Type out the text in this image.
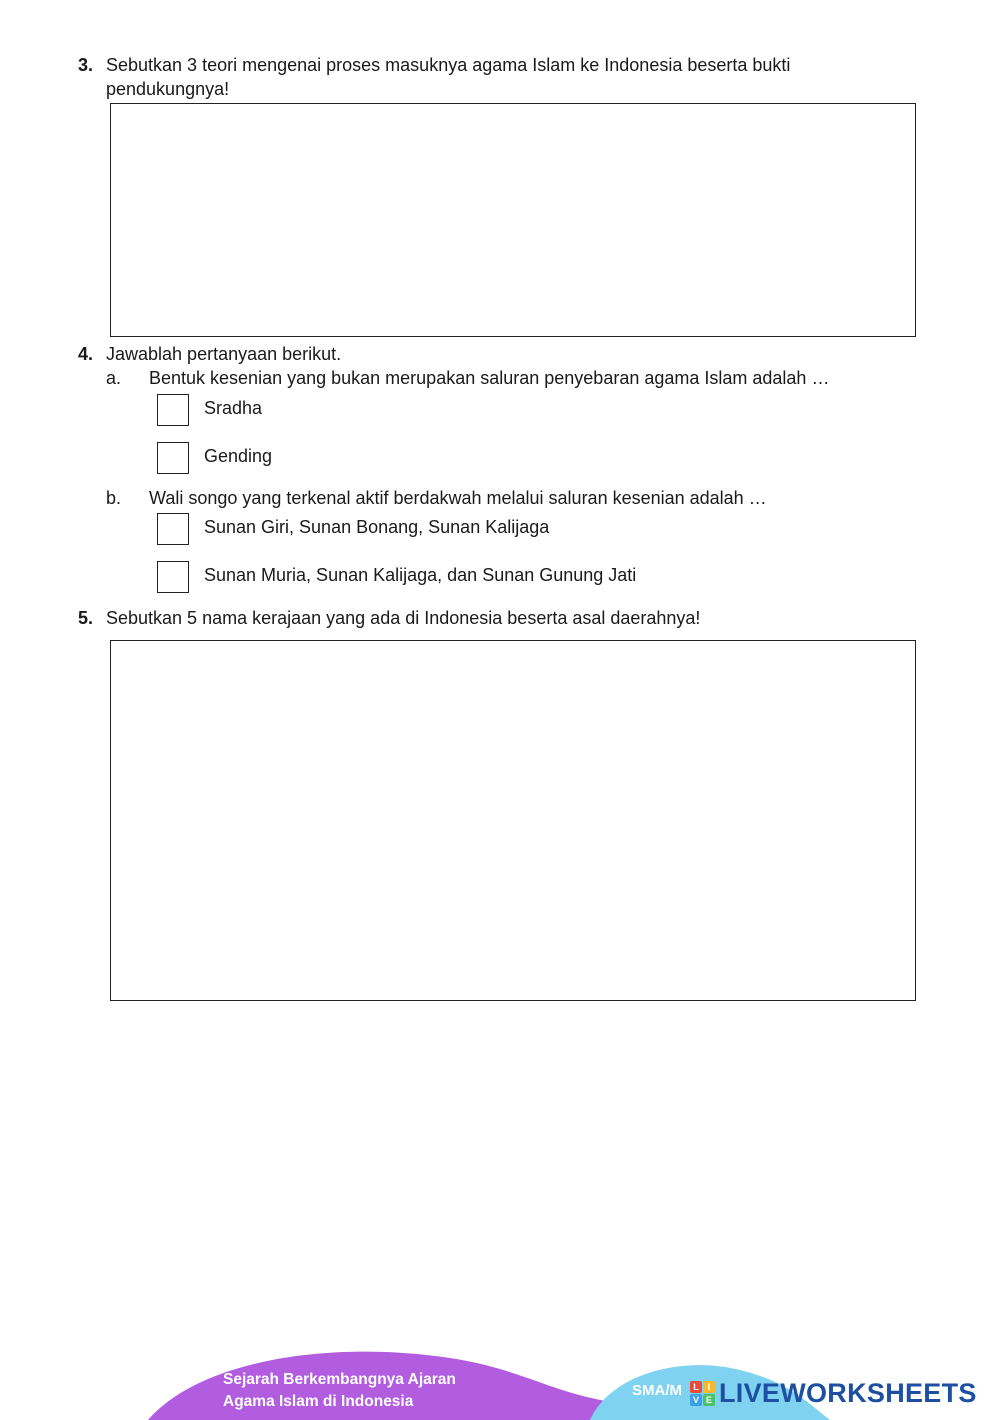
3. Sebutkan 3 teori mengenai proses masuknya agama Islam ke Indonesia beserta bukti
pendukungnya!
4. Jawablah pertanyaan berikut.
a. Bentuk kesenian yang bukan merupakan saluran penyebaran agama Islam adalah …
Sradha
Gending
b. Wali songo yang terkenal aktif berdakwah melalui saluran kesenian adalah …
Sunan Giri, Sunan Bonang, Sunan Kalijaga
Sunan Muria, Sunan Kalijaga, dan Sunan Gunung Jati
5. Sebutkan 5 nama kerajaan yang ada di Indonesia beserta asal daerahnya!
Sejarah Berkembangnya Ajaran
Agama Islam di Indonesia
SMA/M	L I
V E LIVEWORKSHEETS
